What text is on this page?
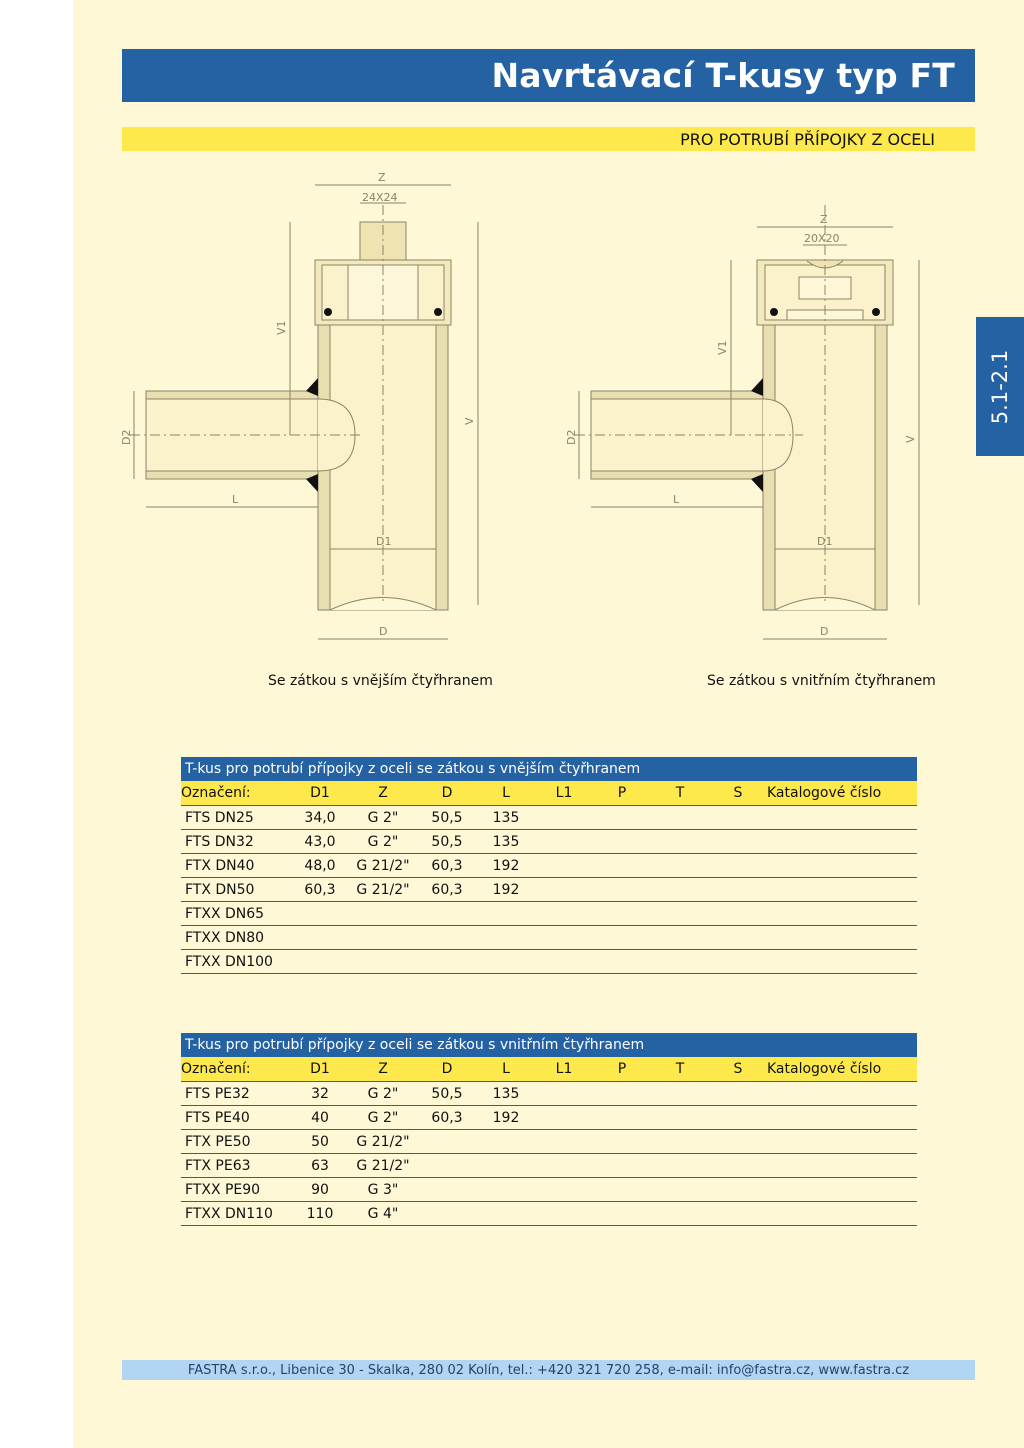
Navrtávací T-kusy typ FT
PRO POTRUBÍ PŘÍPOJKY Z OCELI
5.1-2.1
Z
24X24
V1
V
D2
L
D1
D
Z
20X20
V1
V
D2
L
D1
D
Se zátkou s vnějším čtyřhranem	Se zátkou s vnitřním čtyřhranem
T-kus pro potrubí přípojky z oceli se zátkou s vnějším čtyřhranem									
Označení:	D1	Z	D	L	L1	P	T	S	Katalogové číslo
FTS DN25	34,0	G 2"	50,5	135					
FTS DN32	43,0	G 2"	50,5	135					
FTX DN40	48,0	G 21/2"	60,3	192					
FTX DN50	60,3	G 21/2"	60,3	192					
FTXX DN65									
FTXX DN80									
FTXX DN100									
T-kus pro potrubí přípojky z oceli se zátkou s vnitřním čtyřhranem									
Označení:	D1	Z	D	L	L1	P	T	S	Katalogové číslo
FTS PE32	32	G 2"	50,5	135					
FTS PE40	40	G 2"	60,3	192					
FTX PE50	50	G 21/2"							
FTX PE63	63	G 21/2"							
FTXX PE90	90	G 3"							
FTXX DN110	110	G 4"							
FASTRA s.r.o., Libenice 30 - Skalka, 280 02 Kolín, tel.: +420 321 720 258, e-mail: info@fastra.cz, www.fastra.cz
